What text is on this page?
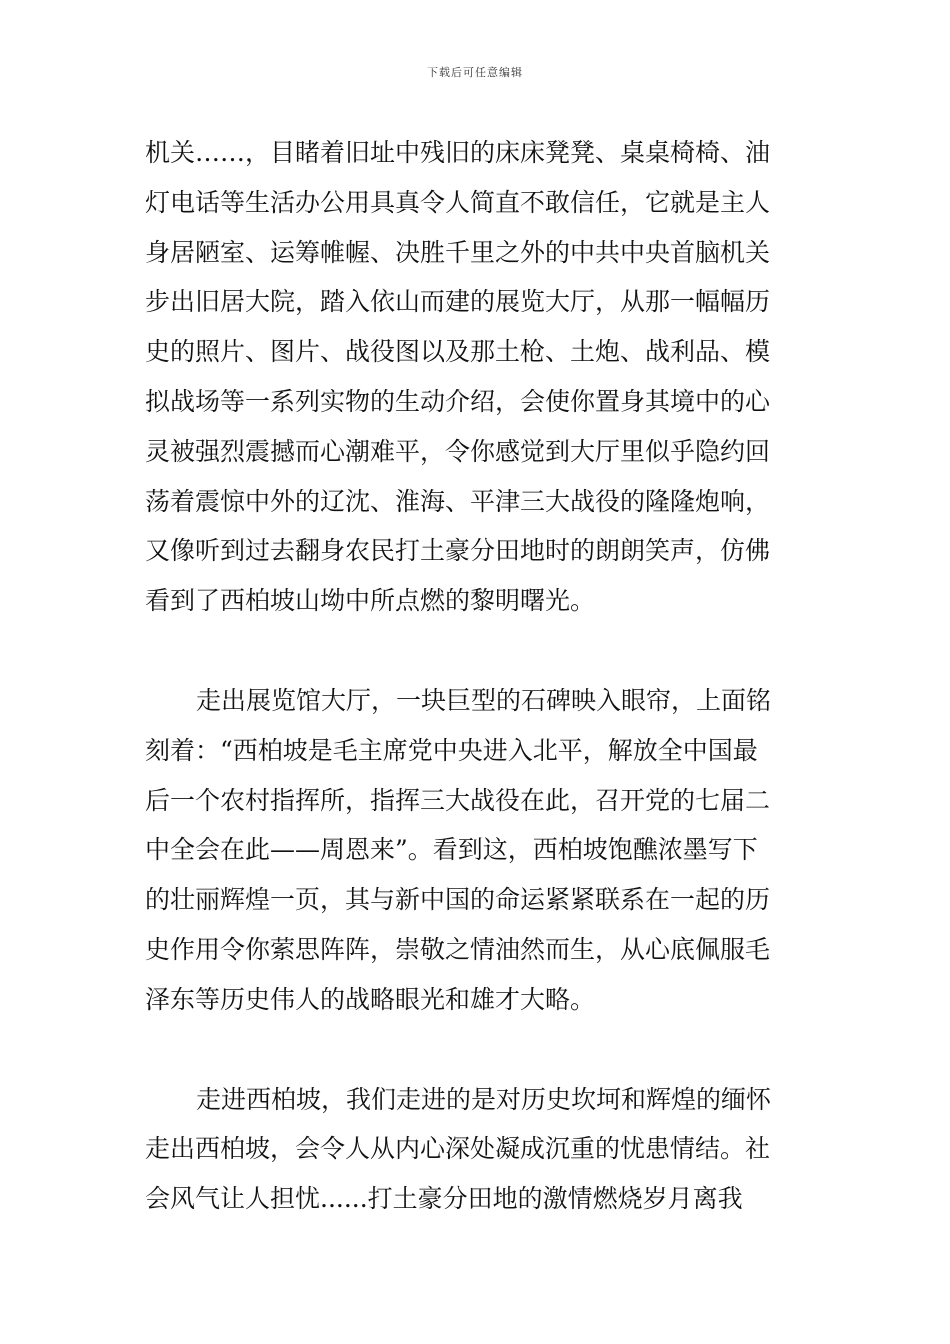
下载后可任意编辑
机关……，目睹着旧址中残旧的床床凳凳、桌桌椅椅、油
灯电话等生活办公用具真令人简直不敢信任，它就是主人
身居陋室、运筹帷幄、决胜千里之外的中共中央首脑机关
步出旧居大院，踏入依山而建的展览大厅，从那一幅幅历
史的照片、图片、战役图以及那土枪、土炮、战利品、模
拟战场等一系列实物的生动介绍，会使你置身其境中的心
灵被强烈震撼而心潮难平，令你感觉到大厅里似乎隐约回
荡着震惊中外的辽沈、淮海、平津三大战役的隆隆炮响，
又像听到过去翻身农民打土豪分田地时的朗朗笑声，仿佛
看到了西柏坡山坳中所点燃的黎明曙光。
走出展览馆大厅，一块巨型的石碑映入眼帘，上面铭
刻着：“西柏坡是毛主席党中央进入北平，解放全中国最
后一个农村指挥所，指挥三大战役在此，召开党的七届二
中全会在此——周恩来”。看到这，西柏坡饱醮浓墨写下
的壮丽辉煌一页，其与新中国的命运紧紧联系在一起的历
史作用令你萦思阵阵，崇敬之情油然而生，从心底佩服毛
泽东等历史伟人的战略眼光和雄才大略。
走进西柏坡，我们走进的是对历史坎坷和辉煌的缅怀
走出西柏坡，会令人从内心深处凝成沉重的忧患情结。社
会风气让人担忧......打土豪分田地的激情燃烧岁月离我
